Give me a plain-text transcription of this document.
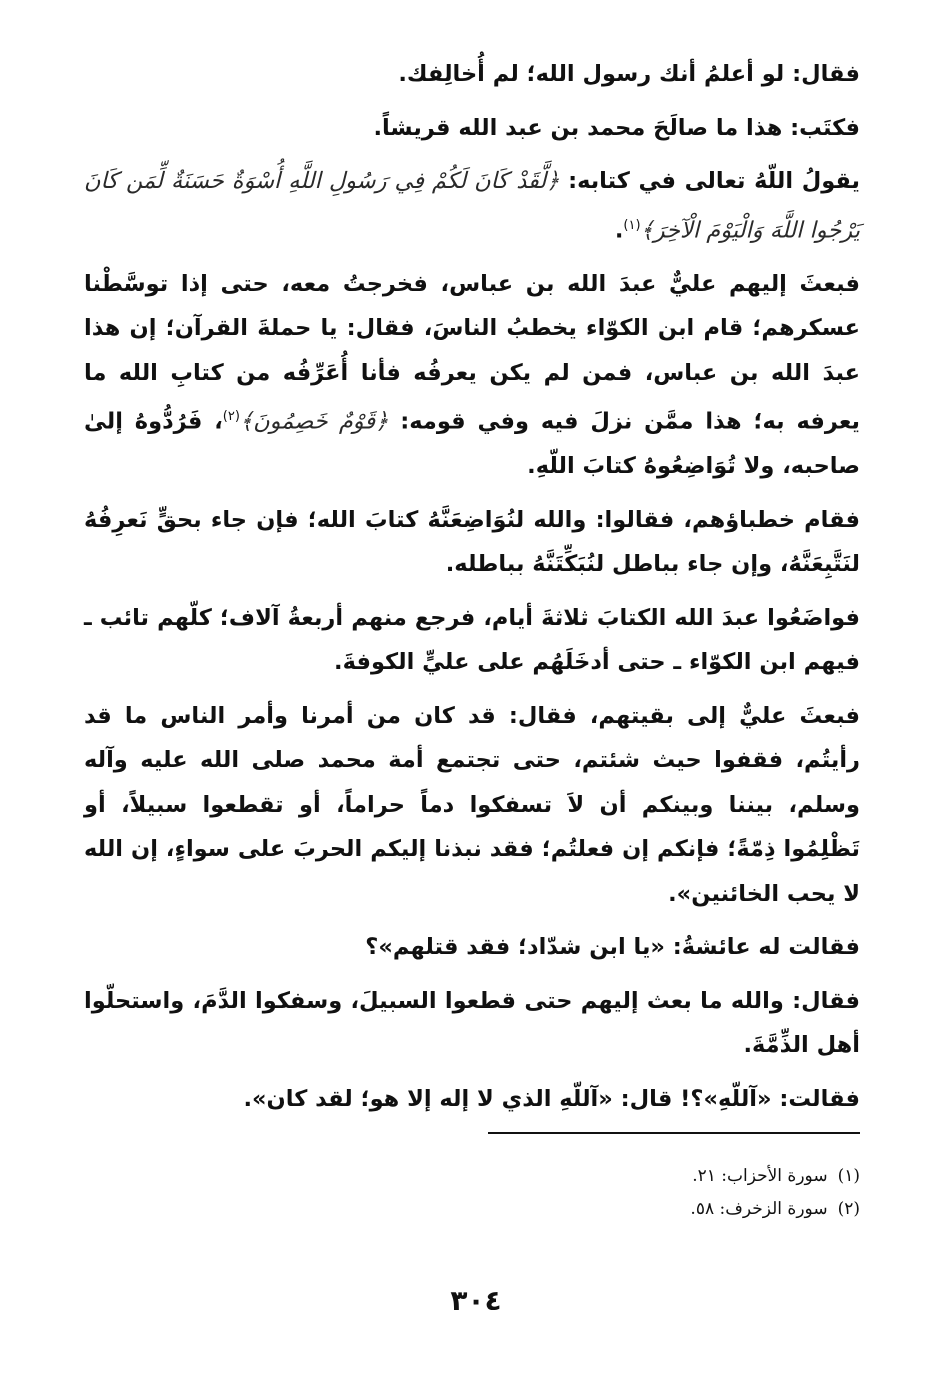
فقال: لو أعلمُ أنك رسول الله؛ لم أُخالِفك.

فكتَب: هذا ما صالَحَ محمد بن عبد الله قريشاً.

يقولُ اللّهُ تعالى في كتابه: ﴿لَّقَدْ كَانَ لَكُمْ فِي رَسُولِ اللَّهِ أُسْوَةٌ حَسَنَةٌ لِّمَن كَانَ يَرْجُوا اللَّهَ وَالْيَوْمَ الْآخِرَ﴾$^{(١)}$.

فبعثَ إليهم عليٌّ عبدَ الله بن عباس، فخرجتُ معه، حتى إذا توسَّطْنا عسكرهم؛ قام ابن الكوّاء يخطبُ الناسَ، فقال: يا حملةَ القرآن؛ إن هذا عبدَ الله بن عباس، فمن لم يكن يعرفُه فأنا أُعَرِّفُه من كتابِ الله ما يعرفه به؛ هذا ممَّن نزلَ فيه وفي قومه: ﴿قَوْمٌ خَصِمُونَ﴾$^{(٢)}$، فَرُدُّوهُ إلىٰ صاحبه، ولا تُوَاضِعُوهُ كتابَ اللّهِ.

فقام خطباؤهم، فقالوا: والله لنُوَاضِعَنَّهُ كتابَ الله؛ فإن جاء بحقٍّ نَعرِفُهُ لنَتَّبِعَنَّهُ، وإن جاء بباطل لنُبَكِّتَنَّهُ بباطله.

فواضَعُوا عبدَ الله الكتابَ ثلاثةَ أيام، فرجع منهم أربعةُ آلاف؛ كلّهم تائب ـ فيهم ابن الكوّاء ـ حتى أدخَلَهُم على عليٍّ الكوفةَ.

فبعثَ عليٌّ إلى بقيتهم، فقال: قد كان من أمرنا وأمر الناس ما قد رأيتُم، فقفوا حيث شئتم، حتى تجتمع أمة محمد صلى الله عليه وآله وسلم، بيننا وبينكم أن لاَ تسفكوا دماً حراماً، أو تقطعوا سبيلاً، أو تَظْلِمُوا ذِمّةً؛ فإنكم إن فعلتُم؛ فقد نبذنا إليكم الحربَ على سواءٍ، إن الله لا يحب الخائنين».

فقالت له عائشةُ: «يا ابن شدّاد؛ فقد قتلهم»؟

فقال: والله ما بعث إليهم حتى قطعوا السبيلَ، وسفكوا الدَّمَ، واستحلّوا أهل الذِّمَّةَ.

فقالت: «آللّهِ»؟! قال: «آللّهِ الذي لا إله إلا هو؛ لقد كان».

(١)سورة الأحزاب: ٢١.
(٢)سورة الزخرف: ٥٨.
٣٠٤
